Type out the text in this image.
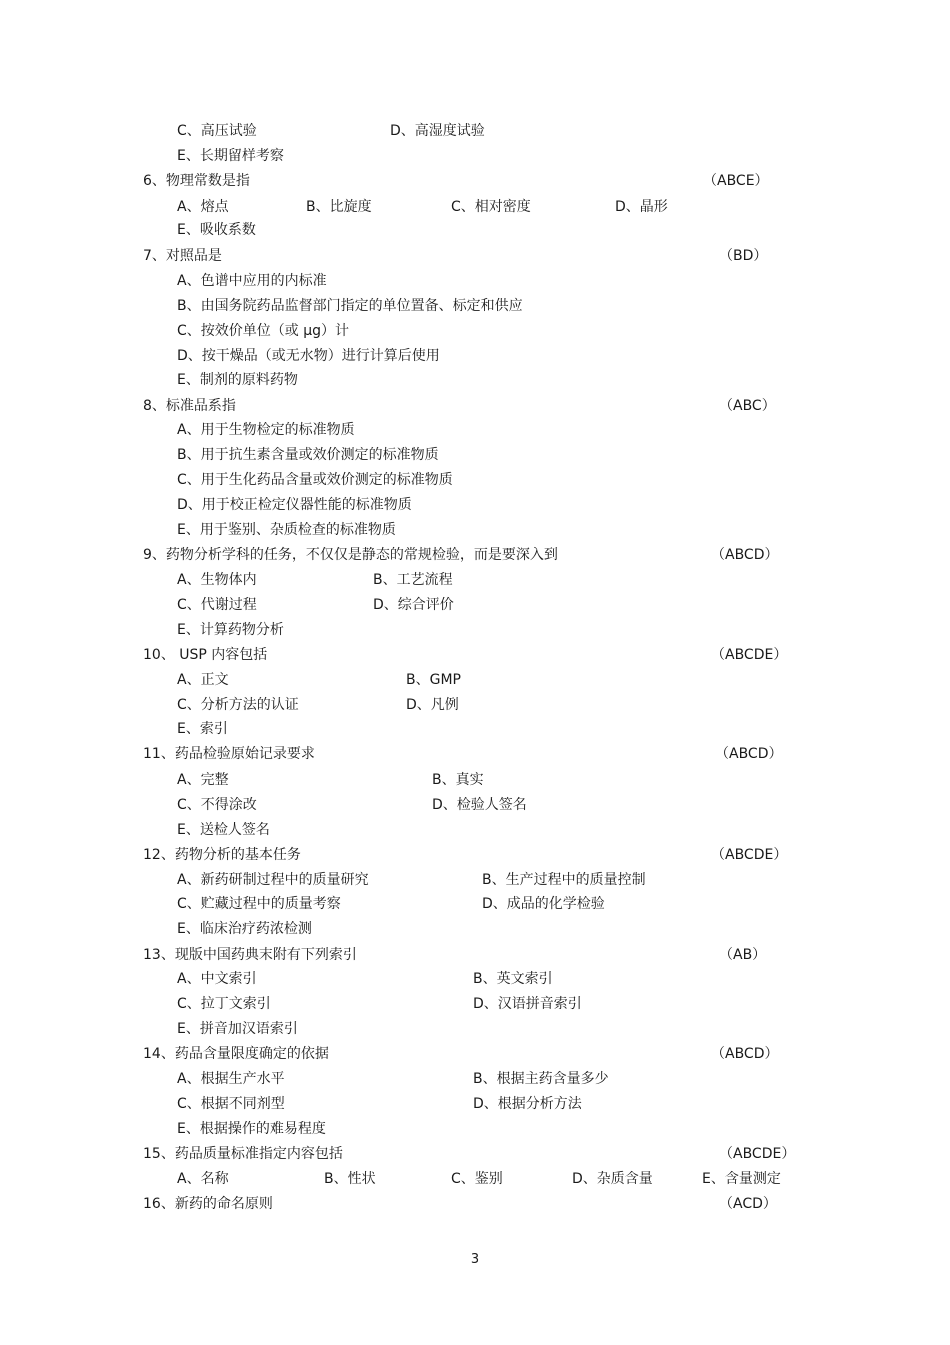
C、高压试验	D、高湿度试验
E、长期留样考察
6、物理常数是指	（ABCE）
A、熔点	B、比旋度	C、相对密度	D、晶形
E、吸收系数
7、对照品是	（BD）
A、色谱中应用的内标准
B、由国务院药品监督部门指定的单位置备、标定和供应
C、按效价单位（或 μg）计
D、按干燥品（或无水物）进行计算后使用
E、制剂的原料药物
8、标准品系指	（ABC）
A、用于生物检定的标准物质
B、用于抗生素含量或效价测定的标准物质
C、用于生化药品含量或效价测定的标准物质
D、用于校正检定仪器性能的标准物质
E、用于鉴别、杂质检查的标准物质
9、药物分析学科的任务，不仅仅是静态的常规检验，而是要深入到	（ABCD）
A、生物体内	B、工艺流程
C、代谢过程	D、综合评价
E、计算药物分析
10、 USP 内容包括	（ABCDE）
A、正文	B、GMP
C、分析方法的认证	D、凡例
E、索引
11、药品检验原始记录要求	（ABCD）
A、完整	B、真实
C、不得涂改	D、检验人签名
E、送检人签名
12、药物分析的基本任务	（ABCDE）
A、新药研制过程中的质量研究	B、生产过程中的质量控制
C、贮藏过程中的质量考察	D、成品的化学检验
E、临床治疗药浓检测
13、现版中国药典末附有下列索引	（AB）
A、中文索引	B、英文索引
C、拉丁文索引	D、汉语拼音索引
E、拼音加汉语索引
14、药品含量限度确定的依据	（ABCD）
A、根据生产水平	B、根据主药含量多少
C、根据不同剂型	D、根据分析方法
E、根据操作的难易程度
15、药品质量标准指定内容包括	（ABCDE）
A、名称	B、性状	C、鉴别	D、杂质含量	E、含量测定
16、新药的命名原则	（ACD）
3
